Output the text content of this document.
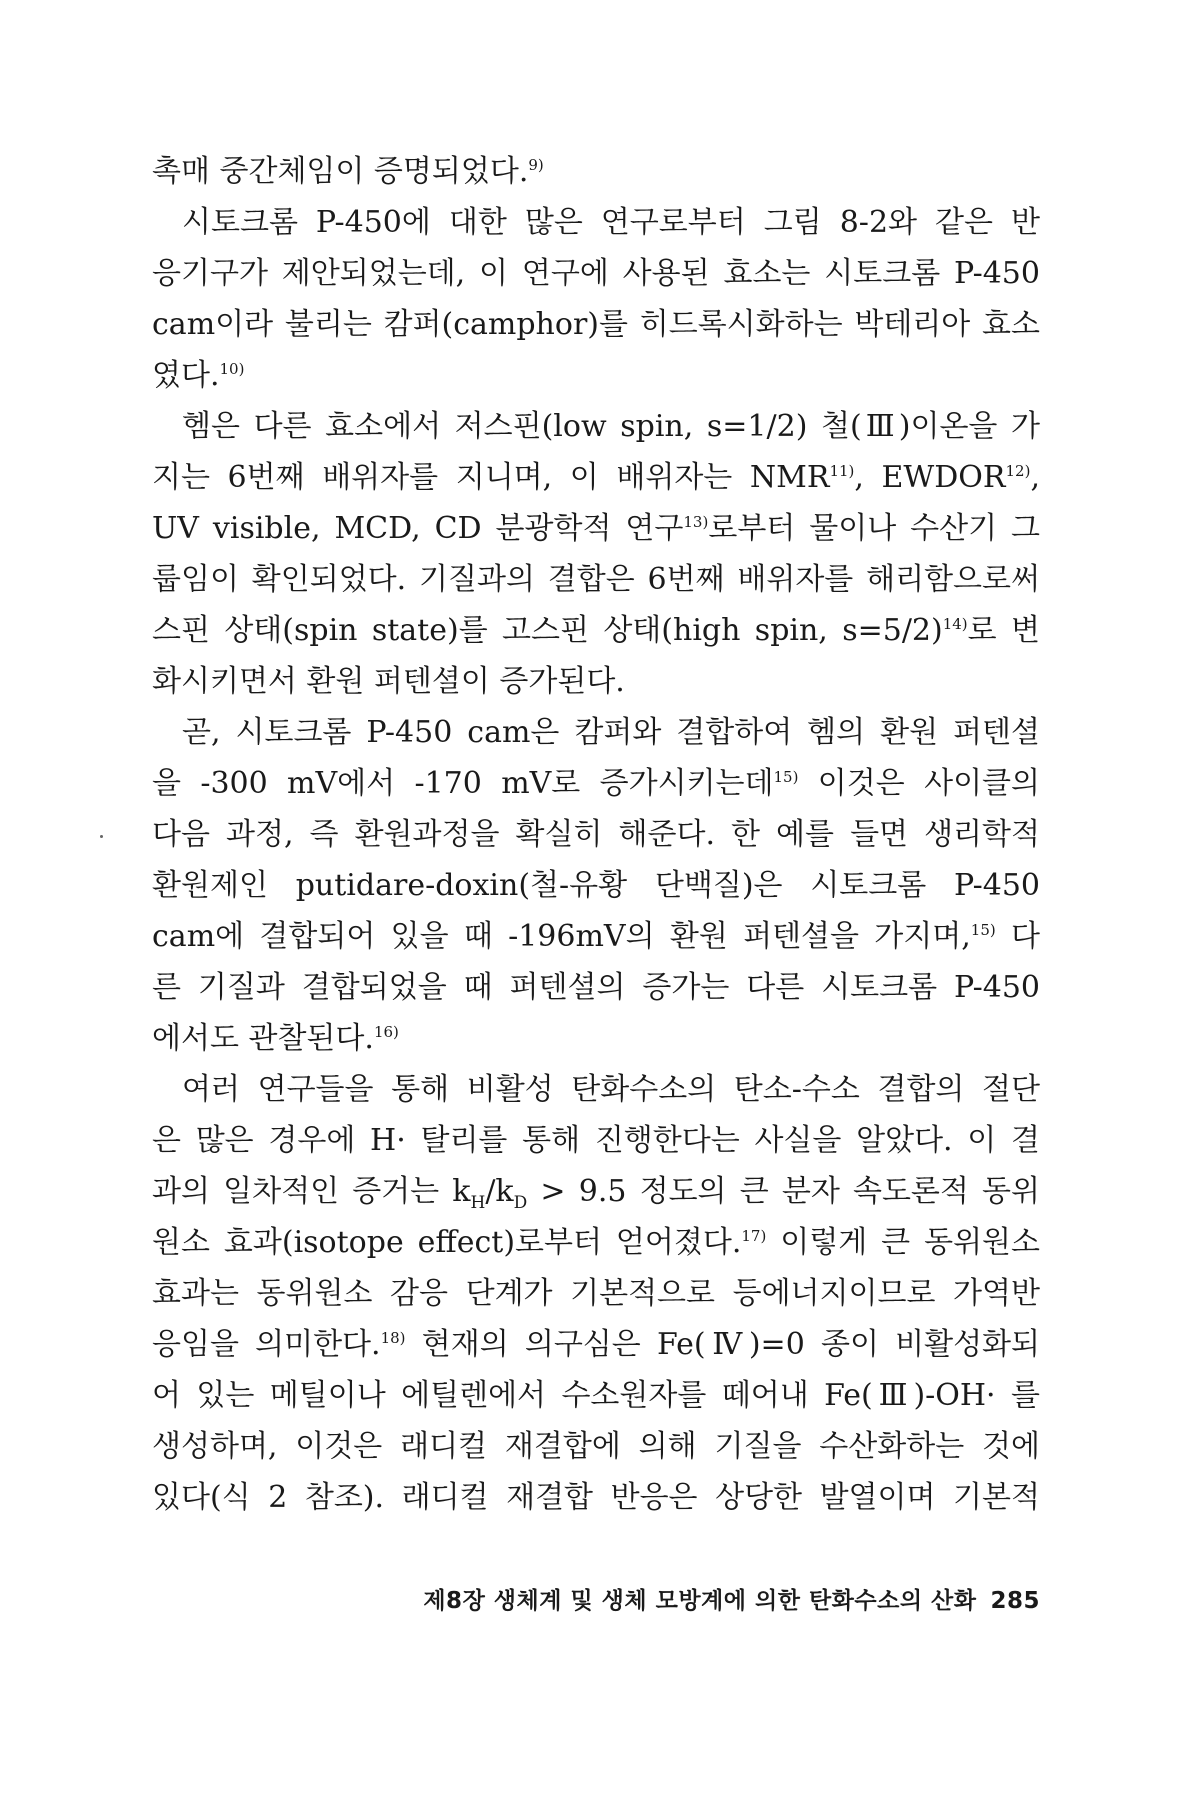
촉매 중간체임이 증명되었다.$^{9)}$
시토크롬 P-450에 대한 많은 연구로부터 그림 8-2와 같은 반
응기구가 제안되었는데, 이 연구에 사용된 효소는 시토크롬 P-450
cam이라 불리는 캄퍼(camphor)를 히드록시화하는 박테리아 효소
였다.$^{10)}$
헴은 다른 효소에서 저스핀(low spin, s=1/2) 철(Ⅲ)이온을 가
지는 6번째 배위자를 지니며, 이 배위자는 NMR$^{11)}$, EWDOR$^{12)}$,
UV visible, MCD, CD 분광학적 연구$^{13)}$로부터 물이나 수산기 그
룹임이 확인되었다. 기질과의 결합은 6번째 배위자를 해리함으로써
스핀 상태(spin state)를 고스핀 상태(high spin, s=5/2)$^{14)}$로 변
화시키면서 환원 퍼텐셜이 증가된다.
곧, 시토크롬 P-450 cam은 캄퍼와 결합하여 헴의 환원 퍼텐셜
을 -300 mV에서 -170 mV로 증가시키는데$^{15)}$ 이것은 사이클의
다음 과정, 즉 환원과정을 확실히 해준다. 한 예를 들면 생리학적
환원제인 putidare-doxin(철-유황 단백질)은 시토크롬 P-450
cam에 결합되어 있을 때 -196mV의 환원 퍼텐셜을 가지며,$^{15)}$ 다
른 기질과 결합되었을 때 퍼텐셜의 증가는 다른 시토크롬 P-450
에서도 관찰된다.$^{16)}$
여러 연구들을 통해 비활성 탄화수소의 탄소-수소 결합의 절단
은 많은 경우에 H· 탈리를 통해 진행한다는 사실을 알았다. 이 결
과의 일차적인 증거는 $k_H/k_D > 9.5$ 정도의 큰 분자 속도론적 동위
원소 효과(isotope effect)로부터 얻어졌다.$^{17)}$ 이렇게 큰 동위원소
효과는 동위원소 감응 단계가 기본적으로 등에너지이므로 가역반
응임을 의미한다.$^{18)}$ 현재의 의구심은 Fe(Ⅳ)=0 종이 비활성화되
어 있는 메틸이나 에틸렌에서 수소원자를 떼어내 Fe(Ⅲ)-OH· 를
생성하며, 이것은 래디컬 재결합에 의해 기질을 수산화하는 것에
있다(식 2 참조). 래디컬 재결합 반응은 상당한 발열이며 기본적
제8장 생체계 및 생체 모방계에 의한 탄화수소의 산화 285
